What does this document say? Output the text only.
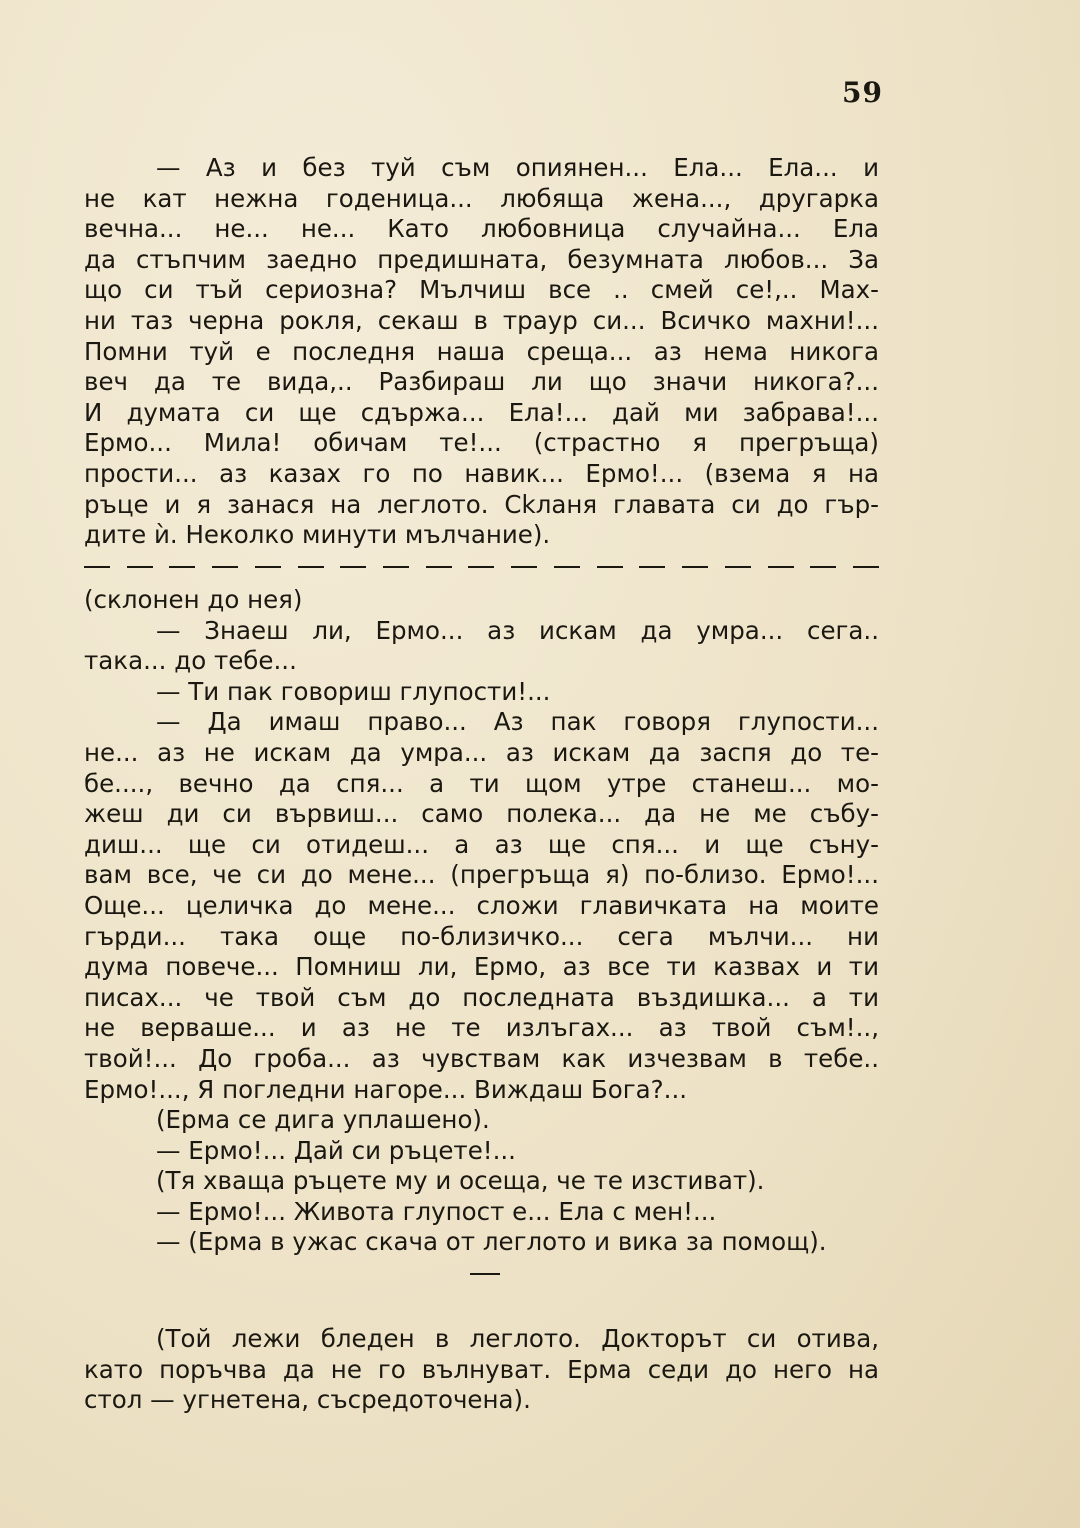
59
— Аз и без туй съм опиянен... Ела... Ела... и
не кат нежна годеница... любяща жена..., другарка
вечна... не... не... Като любовница случайна... Ела
да стъпчим заедно предишната, безумната любов... За
що си тъй сериозна? Мълчиш все .. смей се!,.. Мах-
ни таз черна рокля, секаш в траур си... Всичко махни!...
Помни туй е последня наша среща... аз нема никога
веч да те вида,.. Разбираш ли що значи никога?...
И думата си ще сдържа... Ела!... дай ми забрава!...
Ермо... Мила! обичам те!... (страстно я прегръща)
прости... аз казах го по навик... Ермо!... (взема я на
ръце и я занася на леглото. Сkланя главата си до гър-
дите ѝ. Неколко минути мълчание).
(склонен до нея)
— Знаеш ли, Ермо... аз искам да умра... сега..
така... до тебе...
— Ти пак говориш глупости!...
— Да имаш право... Аз пак говоря глупости...
не... аз не искам да умра... аз искам да заспя до те-
бе...., вечно да спя... а ти щом утре станеш... мо-
жеш ди си вървиш... само полека... да не ме събу-
диш... ще си отидеш... а аз ще спя... и ще съну-
вам все, че си до мене... (прегръща я) по-близо. Ермо!...
Още... целичка до мене... сложи главичката на моите
гърди... така още по-близичко... сега мълчи... ни
дума повече... Помниш ли, Ермо, аз все ти казвах и ти
писах... че твой съм до последната въздишка... а ти
не верваше... и аз не те излъгах... аз твой съм!..,
твой!... До гроба... аз чувствам как изчезвам в тебе..
Ермо!..., Я погледни нагоре... Виждаш Бога?...
(Ерма се дига уплашено).
— Ермо!... Дай си ръцете!...
(Тя хваща ръцете му и осеща, че те изстиват).
— Ермо!... Живота глупост е... Ела с мен!...
— (Ерма в ужас скача от леглото и вика за помощ).
(Той лежи бледен в леглото. Докторът си отива,
като поръчва да не го вълнуват. Ерма седи до него на
стол — угнетена, съсредоточена).
